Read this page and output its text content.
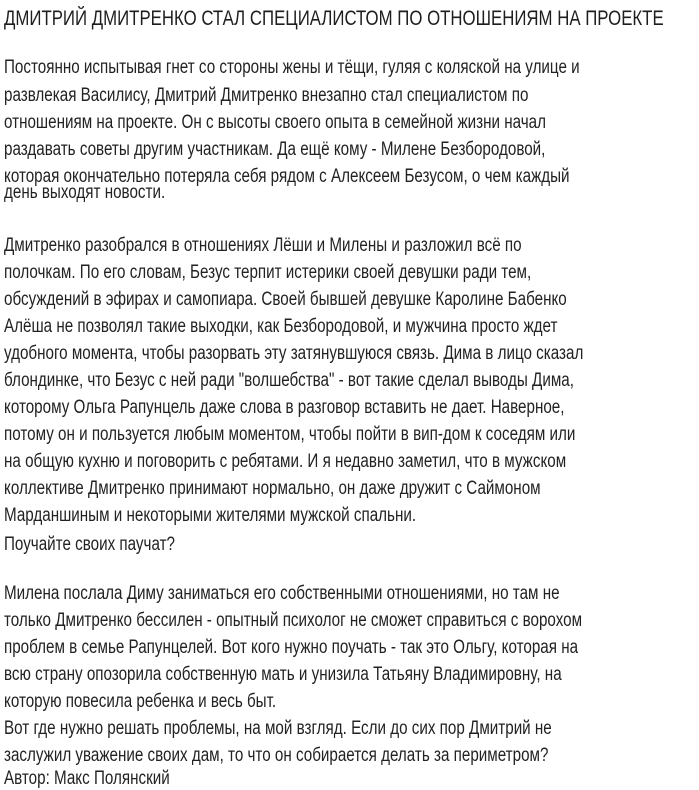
ДМИТРИЙ ДМИТРЕНКО СТАЛ СПЕЦИАЛИСТОМ ПО ОТНОШЕНИЯМ НА ПРОЕКТЕ
Постоянно испытывая гнет со стороны жены и тёщи, гуляя с коляской на улице и
развлекая Василису, Дмитрий Дмитренко внезапно стал специалистом по
отношениям на проекте. Он с высоты своего опыта в семейной жизни начал
раздавать советы другим участникам. Да ещё кому - Милене Безбородовой,
которая окончательно потеряла себя рядом с Алексеем Безусом, о чем каждый
день выходят новости.
Дмитренко разобрался в отношениях Лёши и Милены и разложил всё по
полочкам. По его словам, Безус терпит истерики своей девушки ради тем,
обсуждений в эфирах и самопиара. Своей бывшей девушке Каролине Бабенко
Алёша не позволял такие выходки, как Безбородовой, и мужчина просто ждет
удобного момента, чтобы разорвать эту затянувшуюся связь. Дима в лицо сказал
блондинке, что Безус с ней ради "волшебства" - вот такие сделал выводы Дима,
которому Ольга Рапунцель даже слова в разговор вставить не дает. Наверное,
потому он и пользуется любым моментом, чтобы пойти в вип-дом к соседям или
на общую кухню и поговорить с ребятами. И я недавно заметил, что в мужском
коллективе Дмитренко принимают нормально, он даже дружит с Саймоном
Марданшиным и некоторыми жителями мужской спальни.
Поучайте своих паучат?
Милена послала Диму заниматься его собственными отношениями, но там не
только Дмитренко бессилен - опытный психолог не сможет справиться с ворохом
проблем в семье Рапунцелей. Вот кого нужно поучать - так это Ольгу, которая на
всю страну опозорила собственную мать и унизила Татьяну Владимировну, на
которую повесила ребенка и весь быт.
Вот где нужно решать проблемы, на мой взгляд. Если до сих пор Дмитрий не
заслужил уважение своих дам, то что он собирается делать за периметром?
Автор: Макс Полянский
